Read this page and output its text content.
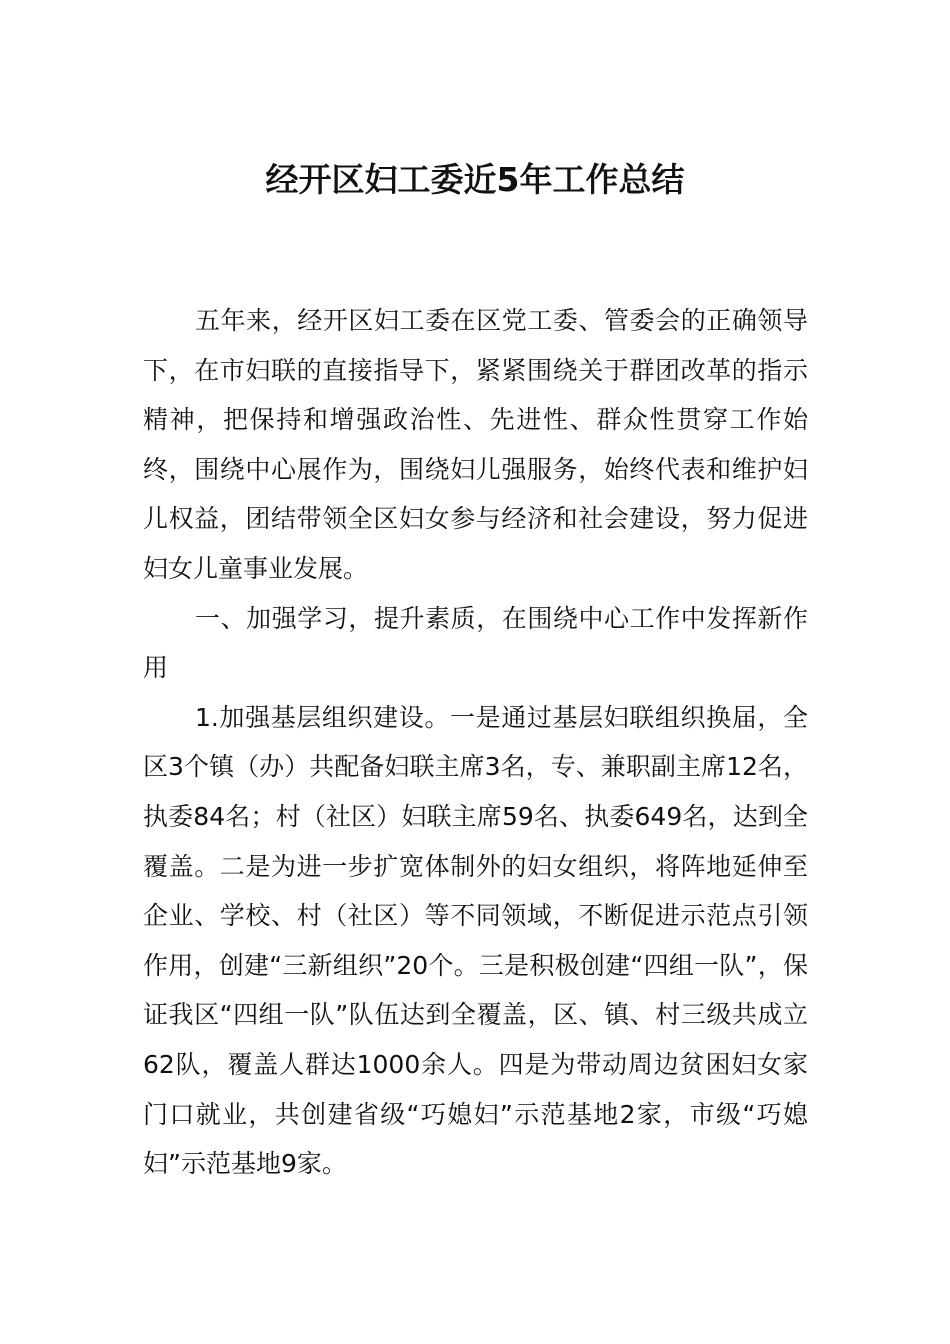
经开区妇工委近5年工作总结

五年来，经开区妇工委在区党工委、管委会的正确领导下，在市妇联的直接指导下，紧紧围绕关于群团改革的指示精神，把保持和增强政治性、先进性、群众性贯穿工作始终，围绕中心展作为，围绕妇儿强服务，始终代表和维护妇儿权益，团结带领全区妇女参与经济和社会建设，努力促进妇女儿童事业发展。

一、加强学习，提升素质，在围绕中心工作中发挥新作用

1.加强基层组织建设。一是通过基层妇联组织换届，全区3个镇（办）共配备妇联主席3名，专、兼职副主席12名，执委84名；村（社区）妇联主席59名、执委649名，达到全覆盖。二是为进一步扩宽体制外的妇女组织，将阵地延伸至企业、学校、村（社区）等不同领域，不断促进示范点引领作用，创建“三新组织”20个。三是积极创建“四组一队”，保证我区“四组一队”队伍达到全覆盖，区、镇、村三级共成立62队，覆盖人群达1000余人。四是为带动周边贫困妇女家门口就业，共创建省级“巧媳妇”示范基地2家，市级“巧媳妇”示范基地9家。
